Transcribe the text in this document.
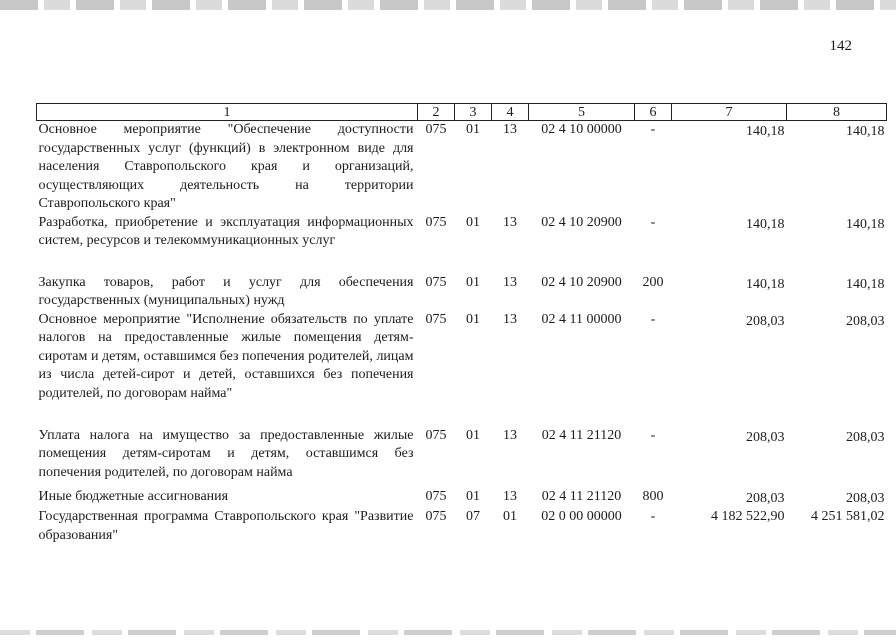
142
1	2	3	4	5	6	7	8
Основное мероприятие "Обеспечение доступности государственных услуг (функций) в электронном виде для населения Ставропольского края и организаций, осуществляющих деятельность на территории Ставропольского края"	075	01	13	02 4 10 00000	-	140,18	140,18

Разработка, приобретение и эксплуатация информационных систем, ресурсов и телекоммуникационных услуг	075	01	13	02 4 10 20900	-	140,18	140,18

Закупка товаров, работ и услуг для обеспечения государственных (муниципальных) нужд	075	01	13	02 4 10 20900	200	140,18	140,18

Основное мероприятие "Исполнение обязательств по уплате налогов на предоставленные жилые помещения детям-сиротам и детям, оставшимся без попечения родителей, лицам из числа детей-сирот и детей, оставшихся без попечения родителей, по договорам найма"	075	01	13	02 4 11 00000	-	208,03	208,03

Уплата налога на имущество за предоставленные жилые помещения детям-сиротам и детям, оставшимся без попечения родителей, по договорам найма	075	01	13	02 4 11 21120	-	208,03	208,03

Иные бюджетные ассигнования	075	01	13	02 4 11 21120	800	208,03	208,03

Государственная программа Ставропольского края "Развитие образования"	075	07	01	02 0 00 00000	-	4 182 522,90	4 251 581,02
